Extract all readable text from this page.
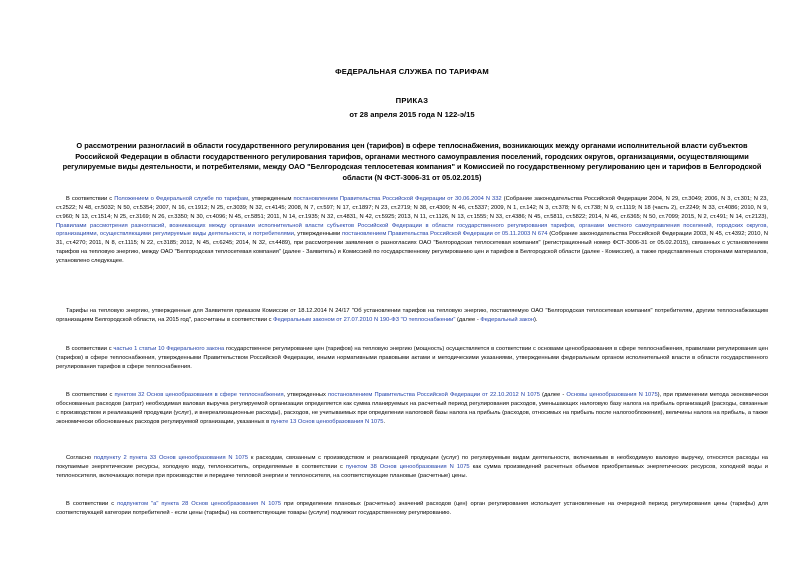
ФЕДЕРАЛЬНАЯ СЛУЖБА ПО ТАРИФАМ
ПРИКАЗ
от 28 апреля 2015 года N 122-э/15
О рассмотрении разногласий в области государственного регулирования цен (тарифов) в сфере теплоснабжения, возникающих между органами исполнительной власти субъектов Российской Федерации в области государственного регулирования тарифов, органами местного самоуправления поселений, городских округов, организациями, осуществляющими регулируемые виды деятельности, и потребителями, между ОАО "Белгородская теплосетевая компания" и Комиссией по государственному регулированию цен и тарифов в Белгородской области (N ФСТ-3006-31 от 05.02.2015)

В соответствии с Положением о Федеральной службе по тарифам, утвержденным постановлением Правительства Российской Федерации от 30.06.2004 N 332 (Собрание законодательства Российской Федерации 2004, N 29, ст.3049; 2006, N 3, ст.301; N 23, ст.2522; N 48, ст.5032; N 50, ст.5354; 2007, N 16, ст.1912; N 25, ст.3039; N 32, ст.4145; 2008, N 7, ст.597; N 17, ст.1897; N 23, ст.2719; N 38, ст.4309; N 46, ст.5337; 2009, N 1, ст.142; N 3, ст.378; N 6, ст.738; N 9, ст.1119; N 18 (часть 2), ст.2249; N 33, ст.4086; 2010, N 9, ст.960; N 13, ст.1514; N 25, ст.3169; N 26, ст.3350; N 30, ст.4096; N 45, ст.5851; 2011, N 14, ст.1935; N 32, ст.4831, N 42, ст.5925; 2013, N 11, ст.1126, N 13, ст.1555; N 33, ст.4386; N 45, ст.5811, ст.5822; 2014, N 46, ст.6365; N 50, ст.7099; 2015, N 2, ст.491; N 14, ст.2123), Правилами рассмотрения разногласий, возникающих между органами исполнительной власти субъектов Российской Федерации в области государственного регулирования тарифов, органами местного самоуправления поселений, городских округов, организациями, осуществляющими регулируемые виды деятельности, и потребителями, утвержденными постановлением Правительства Российской Федерации от 05.11.2003 N 674 (Собрание законодательства Российской Федерации 2003, N 45, ст.4392; 2010, N 31, ст.4270; 2011, N 8, ст.1115; N 22, ст.3185; 2012, N 45, ст.6245; 2014, N 32, ст.4489), при рассмотрении заявления о разногласиях ОАО "Белгородская теплосетевая компания" (регистрационный номер ФСТ-3006-31 от 05.02.2015), связанных с установлением тарифов на тепловую энергию, между ОАО "Белгородская теплосетевая компания" (далее - Заявитель) и Комиссией по государственному регулированию цен и тарифов в Белгородской области (далее - Комиссия), а также представленных сторонами материалов, установлено следующее.

Тарифы на тепловую энергию, утвержденные для Заявителя приказом Комиссии от 18.12.2014 N 24/17 "Об установлении тарифов на тепловую энергию, поставляемую ОАО "Белгородская теплосетевая компания" потребителям, другим теплоснабжающим организациям Белгородской области, на 2015 год", рассчитаны в соответствии с Федеральным законом от 27.07.2010 N 190-ФЗ "О теплоснабжении" (далее - Федеральный закон).

В соответствии с частью 1 статьи 10 Федерального закона государственное регулирование цен (тарифов) на тепловую энергию (мощность) осуществляется в соответствии с основами ценообразования в сфере теплоснабжения, правилами регулирования цен (тарифов) в сфере теплоснабжения, утвержденными Правительством Российской Федерации, иными нормативными правовыми актами и методическими указаниями, утвержденными федеральным органом исполнительной власти в области государственного регулирования тарифов в сфере теплоснабжения.

В соответствии с пунктом 32 Основ ценообразования в сфере теплоснабжения, утвержденных постановлением Правительства Российской Федерации от 22.10.2012 N 1075 (далее - Основы ценообразования N 1075), при применении метода экономически обоснованных расходов (затрат) необходимая валовая выручка регулируемой организации определяется как сумма планируемых на расчетный период регулирования расходов, уменьшающих налоговую базу налога на прибыль организаций (расходы, связанные с производством и реализацией продукции (услуг), и внереализационные расходы), расходов, не учитываемых при определении налоговой базы налога на прибыль (расходов, относимых на прибыль после налогообложения), величины налога на прибыль, а также экономически обоснованных расходов регулируемой организации, указанных в пункте 13 Основ ценообразования N 1075.

Согласно подпункту 2 пункта 33 Основ ценообразования N 1075 к расходам, связанным с производством и реализацией продукции (услуг) по регулируемым видам деятельности, включаемым в необходимую валовую выручку, относятся расходы на покупаемые энергетические ресурсы, холодную воду, теплоноситель, определяемые в соответствии с пунктом 38 Основ ценообразования N 1075 как сумма произведений расчетных объемов приобретаемых энергетических ресурсов, холодной воды и теплоносителя, включающих потери при производстве и передаче тепловой энергии и теплоносителя, на соответствующие плановые (расчетные) цены.

В соответствии с подпунктом "а" пункта 28 Основ ценообразования N 1075 при определении плановых (расчетных) значений расходов (цен) орган регулирования использует установленные на очередной период регулирования цены (тарифы) для соответствующей категории потребителей - если цены (тарифы) на соответствующие товары (услуги) подлежат государственному регулированию.
